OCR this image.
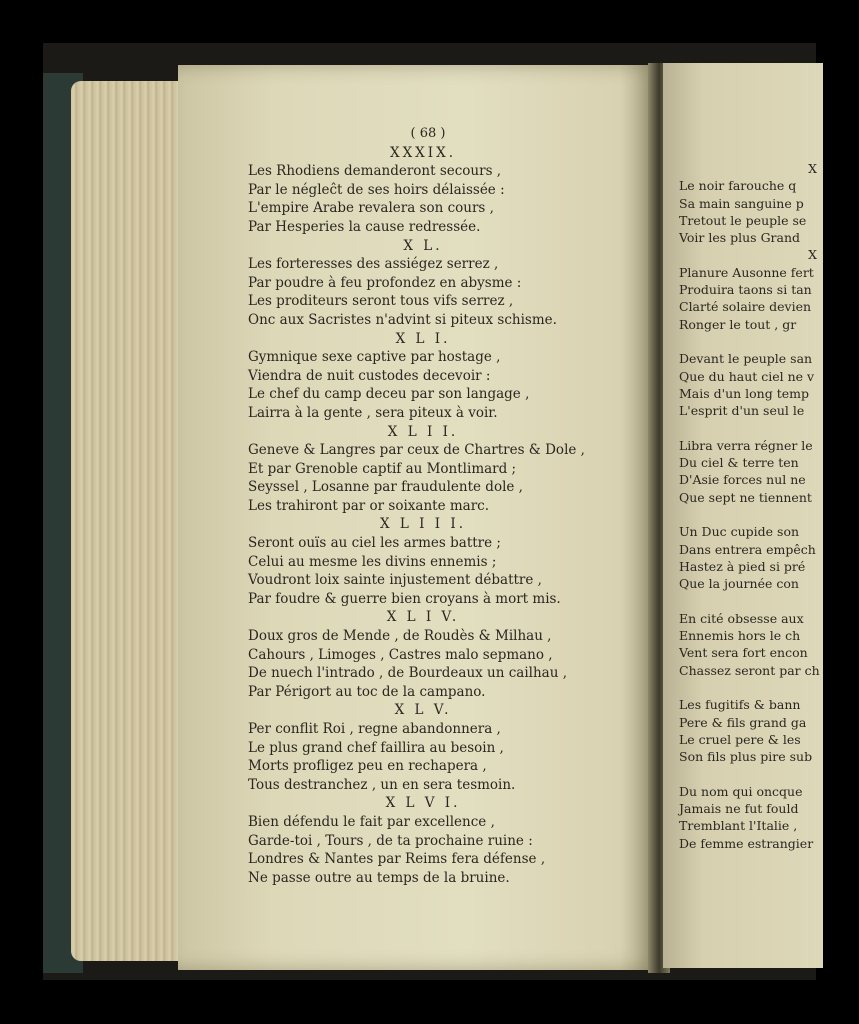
( 68 )
XXXIX.
Les Rhodiens demanderont secours ,
Par le négleĉt de ses hoirs délaissée :
L'empire Arabe revalera son cours ,
Par Hesperies la cause redressée.
X L.
Les forteresses des assiégez serrez ,
Par poudre à feu profondez en abysme :
Les proditeurs seront tous vifs serrez ,
Onc aux Sacristes n'advint si piteux schisme.
X L I.
Gymnique sexe captive par hostage ,
Viendra de nuit custodes decevoir :
Le chef du camp deceu par son langage ,
Lairra à la gente , sera piteux à voir.
X L I I.
Geneve & Langres par ceux de Chartres & Dole ,
Et par Grenoble captif au Montlimard ;
Seyssel , Losanne par fraudulente dole ,
Les trahiront par or soixante marc.
X L I I I.
Seront ouïs au ciel les armes battre ;
Celui au mesme les divins ennemis ;
Voudront loix sainte injustement débattre ,
Par foudre & guerre bien croyans à mort mis.
X L I V.
Doux gros de Mende , de Roudès & Milhau ,
Cahours , Limoges , Castres malo sepmano ,
De nuech l'intrado , de Bourdeaux un cailhau ,
Par Périgort au toc de la campano.
X L V.
Per conflit Roi , regne abandonnera ,
Le plus grand chef faillira au besoin ,
Morts profligez peu en rechapera ,
Tous destranchez , un en sera tesmoin.
X L V I.
Bien défendu le fait par excellence ,
Garde-toi , Tours , de ta prochaine ruine :
Londres & Nantes par Reims fera défense ,
Ne passe outre au temps de la bruine.
X
Le noir farouche q
Sa main sanguine p
Tretout le peuple se
Voir les plus Grand
X
Planure Ausonne fert
Produira taons si tan
Clarté solaire devien
Ronger le tout , gr
Devant le peuple san
Que du haut ciel ne v
Mais d'un long temp
L'esprit d'un seul le
Libra verra régner le
Du ciel & terre ten
D'Asie forces nul ne
Que sept ne tiennent
Un Duc cupide son
Dans entrera empêch
Hastez à pied si pré
Que la journée con
En cité obsesse aux
Ennemis hors le ch
Vent sera fort encon
Chassez seront par ch
Les fugitifs & bann
Pere & fils grand ga
Le cruel pere & les
Son fils plus pire sub
Du nom qui oncque
Jamais ne fut fould
Tremblant l'Italie ,
De femme estrangier
